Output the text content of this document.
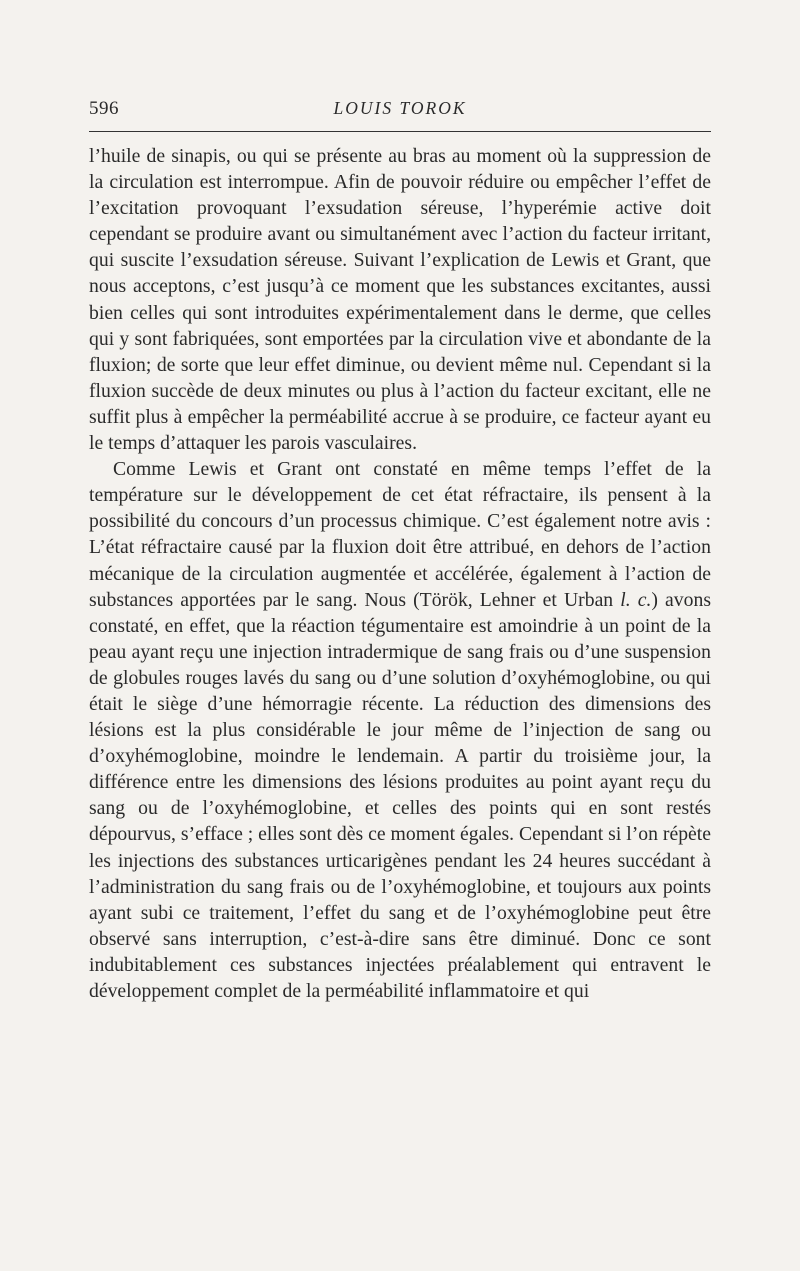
596	LOUIS TOROK

l’huile de sinapis, ou qui se présente au bras au moment où la suppression de la circulation est interrompue. Afin de pouvoir réduire ou empêcher l’effet de l’excitation provoquant l’exsudation séreuse, l’hyperémie active doit cependant se produire avant ou simultanément avec l’action du facteur irritant, qui suscite l’exsudation séreuse. Suivant l’explication de Lewis et Grant, que nous acceptons, c’est jusqu’à ce moment que les substances excitantes, aussi bien celles qui sont introduites expérimentalement dans le derme, que celles qui y sont fabriquées, sont emportées par la circulation vive et abondante de la fluxion; de sorte que leur effet diminue, ou devient même nul. Cependant si la fluxion succède de deux minutes ou plus à l’action du facteur excitant, elle ne suffit plus à empêcher la perméabilité accrue à se produire, ce facteur ayant eu le temps d’attaquer les parois vasculaires.

Comme Lewis et Grant ont constaté en même temps l’effet de la température sur le développement de cet état réfractaire, ils pensent à la possibilité du concours d’un processus chimique. C’est également notre avis : L’état réfractaire causé par la fluxion doit être attribué, en dehors de l’action mécanique de la circulation augmentée et accélérée, également à l’action de substances apportées par le sang. Nous (Török, Lehner et Urban l. c.) avons constaté, en effet, que la réaction tégumentaire est amoindrie à un point de la peau ayant reçu une injection intradermique de sang frais ou d’une suspension de globules rouges lavés du sang ou d’une solution d’oxyhémoglobine, ou qui était le siège d’une hémorragie récente. La réduction des dimensions des lésions est la plus considérable le jour même de l’injection de sang ou d’oxyhémoglobine, moindre le lendemain. A partir du troisième jour, la différence entre les dimensions des lésions produites au point ayant reçu du sang ou de l’oxyhémoglobine, et celles des points qui en sont restés dépourvus, s’efface ; elles sont dès ce moment égales. Cependant si l’on répète les injections des substances urticarigènes pendant les 24 heures succédant à l’administration du sang frais ou de l’oxyhémoglobine, et toujours aux points ayant subi ce traitement, l’effet du sang et de l’oxyhémoglobine peut être observé sans interruption, c’est-à-dire sans être diminué. Donc ce sont indubitablement ces substances injectées préalablement qui entravent le développement complet de la perméabilité inflammatoire et qui
